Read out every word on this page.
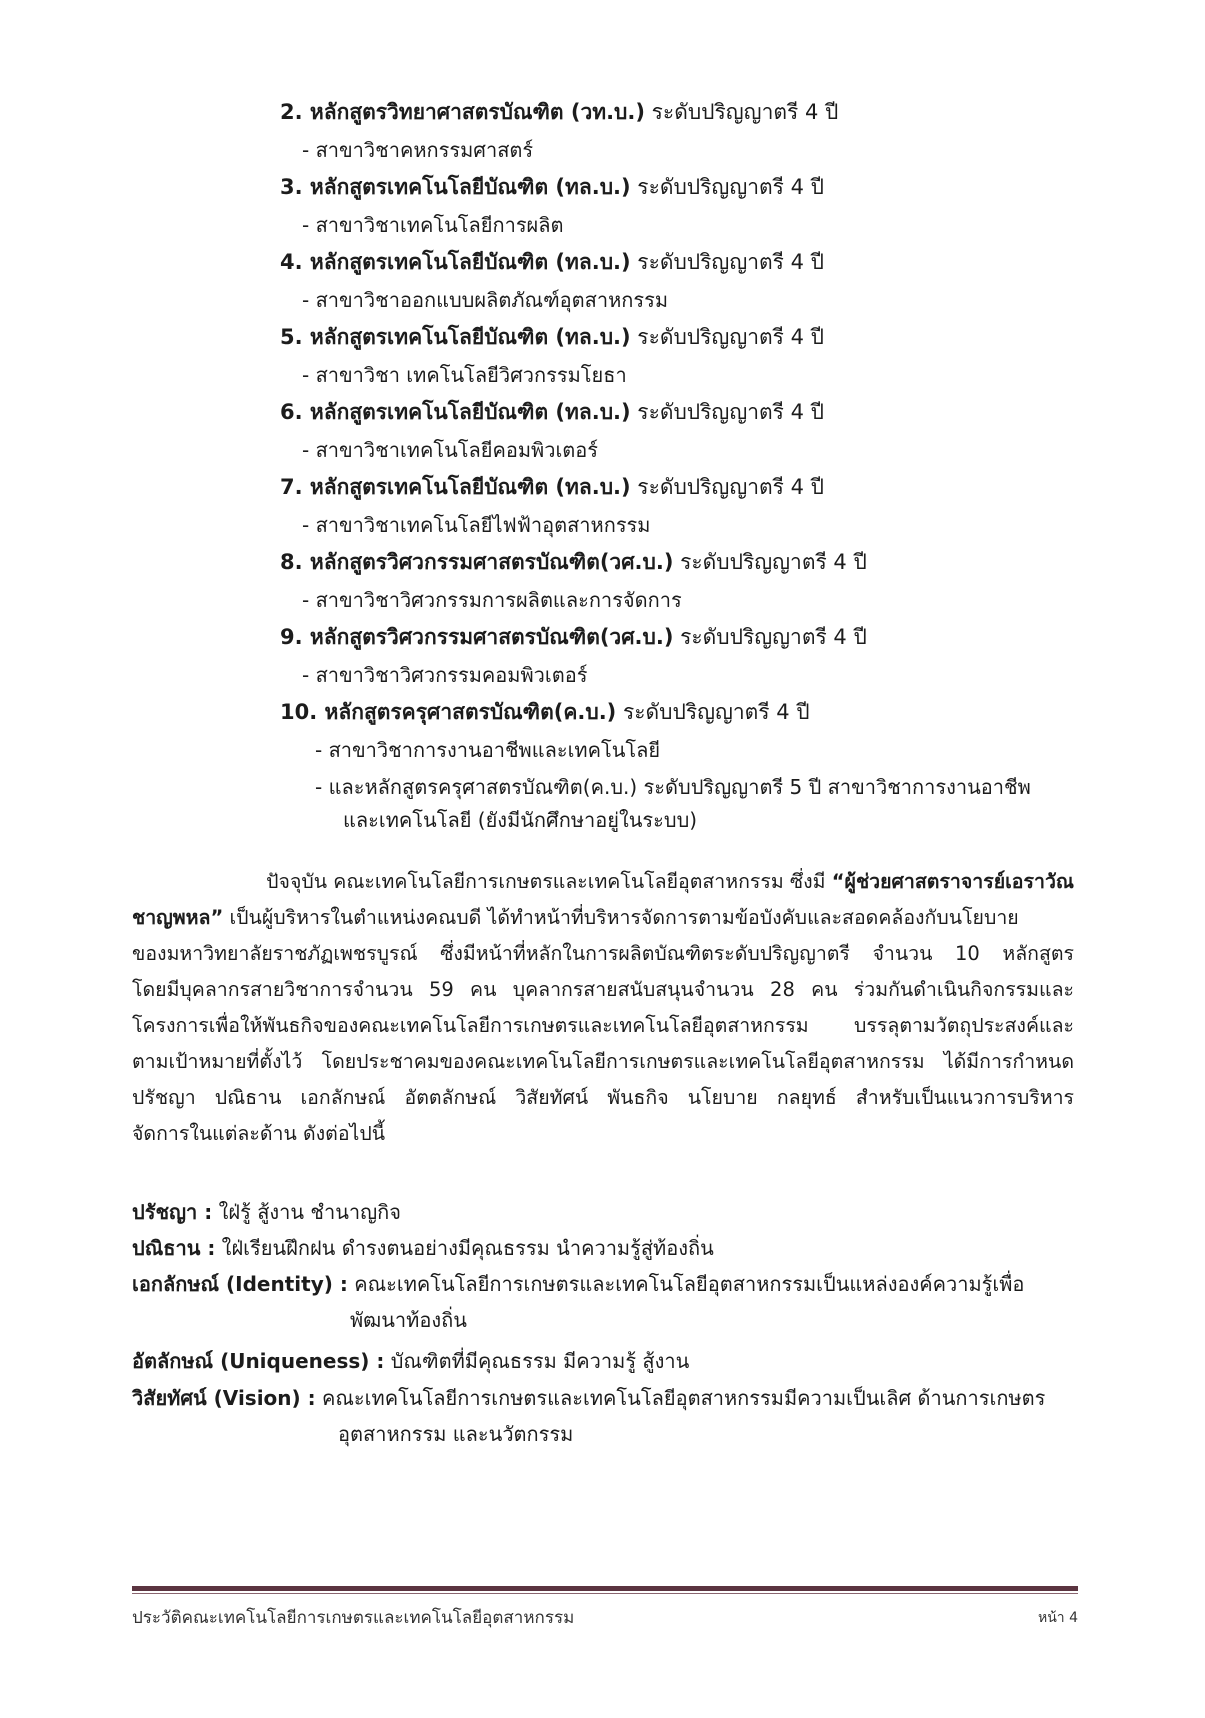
2. หลักสูตรวิทยาศาสตรบัณฑิต (วท.บ.) ระดับปริญญาตรี 4 ปี
- สาขาวิชาคหกรรมศาสตร์
3. หลักสูตรเทคโนโลยีบัณฑิต (ทล.บ.) ระดับปริญญาตรี 4 ปี
- สาขาวิชาเทคโนโลยีการผลิต
4. หลักสูตรเทคโนโลยีบัณฑิต (ทล.บ.) ระดับปริญญาตรี 4 ปี
- สาขาวิชาออกแบบผลิตภัณฑ์อุตสาหกรรม
5. หลักสูตรเทคโนโลยีบัณฑิต (ทล.บ.) ระดับปริญญาตรี 4 ปี
- สาขาวิชา เทคโนโลยีวิศวกรรมโยธา
6. หลักสูตรเทคโนโลยีบัณฑิต (ทล.บ.) ระดับปริญญาตรี 4 ปี
- สาขาวิชาเทคโนโลยีคอมพิวเตอร์
7. หลักสูตรเทคโนโลยีบัณฑิต (ทล.บ.) ระดับปริญญาตรี 4 ปี
- สาขาวิชาเทคโนโลยีไฟฟ้าอุตสาหกรรม
8. หลักสูตรวิศวกรรมศาสตรบัณฑิต(วศ.บ.) ระดับปริญญาตรี 4 ปี
- สาขาวิชาวิศวกรรมการผลิตและการจัดการ
9. หลักสูตรวิศวกรรมศาสตรบัณฑิต(วศ.บ.) ระดับปริญญาตรี 4 ปี
- สาขาวิชาวิศวกรรมคอมพิวเตอร์
10. หลักสูตรครุศาสตรบัณฑิต(ค.บ.) ระดับปริญญาตรี 4 ปี
- สาขาวิชาการงานอาชีพและเทคโนโลยี
- และหลักสูตรครุศาสตรบัณฑิต(ค.บ.) ระดับปริญญาตรี 5 ปี สาขาวิชาการงานอาชีพ
และเทคโนโลยี (ยังมีนักศึกษาอยู่ในระบบ)
ปัจจุบัน คณะเทคโนโลยีการเกษตรและเทคโนโลยีอุตสาหกรรม ซึ่งมี “ผู้ช่วยศาสตราจารย์เอราวัณ
ชาญพหล” เป็นผู้บริหารในตำแหน่งคณบดี ได้ทำหน้าที่บริหารจัดการตามข้อบังคับและสอดคล้องกับนโยบาย
ของมหาวิทยาลัยราชภัฏเพชรบูรณ์ ซึ่งมีหน้าที่หลักในการผลิตบัณฑิตระดับปริญญาตรี จำนวน 10 หลักสูตร
โดยมีบุคลากรสายวิชาการจำนวน 59 คน บุคลากรสายสนับสนุนจำนวน 28 คน ร่วมกันดำเนินกิจกรรมและ
โครงการเพื่อให้พันธกิจของคณะเทคโนโลยีการเกษตรและเทคโนโลยีอุตสาหกรรม บรรลุตามวัตถุประสงค์และ
ตามเป้าหมายที่ตั้งไว้ โดยประชาคมของคณะเทคโนโลยีการเกษตรและเทคโนโลยีอุตสาหกรรม ได้มีการกำหนด
ปรัชญา ปณิธาน เอกลักษณ์ อัตตลักษณ์ วิสัยทัศน์ พันธกิจ นโยบาย กลยุทธ์ สำหรับเป็นแนวการบริหาร
จัดการในแต่ละด้าน ดังต่อไปนี้
ปรัชญา : ใฝ่รู้ สู้งาน ชำนาญกิจ
ปณิธาน : ใฝ่เรียนฝึกฝน ดำรงตนอย่างมีคุณธรรม นำความรู้สู่ท้องถิ่น
เอกลักษณ์ (Identity) : คณะเทคโนโลยีการเกษตรและเทคโนโลยีอุตสาหกรรมเป็นแหล่งองค์ความรู้เพื่อ
พัฒนาท้องถิ่น
อัตลักษณ์ (Uniqueness) : บัณฑิตที่มีคุณธรรม มีความรู้ สู้งาน
วิสัยทัศน์ (Vision) : คณะเทคโนโลยีการเกษตรและเทคโนโลยีอุตสาหกรรมมีความเป็นเลิศ ด้านการเกษตร
อุตสาหกรรม และนวัตกรรม
ประวัติคณะเทคโนโลยีการเกษตรและเทคโนโลยีอุตสาหกรรม	หน้า 4
